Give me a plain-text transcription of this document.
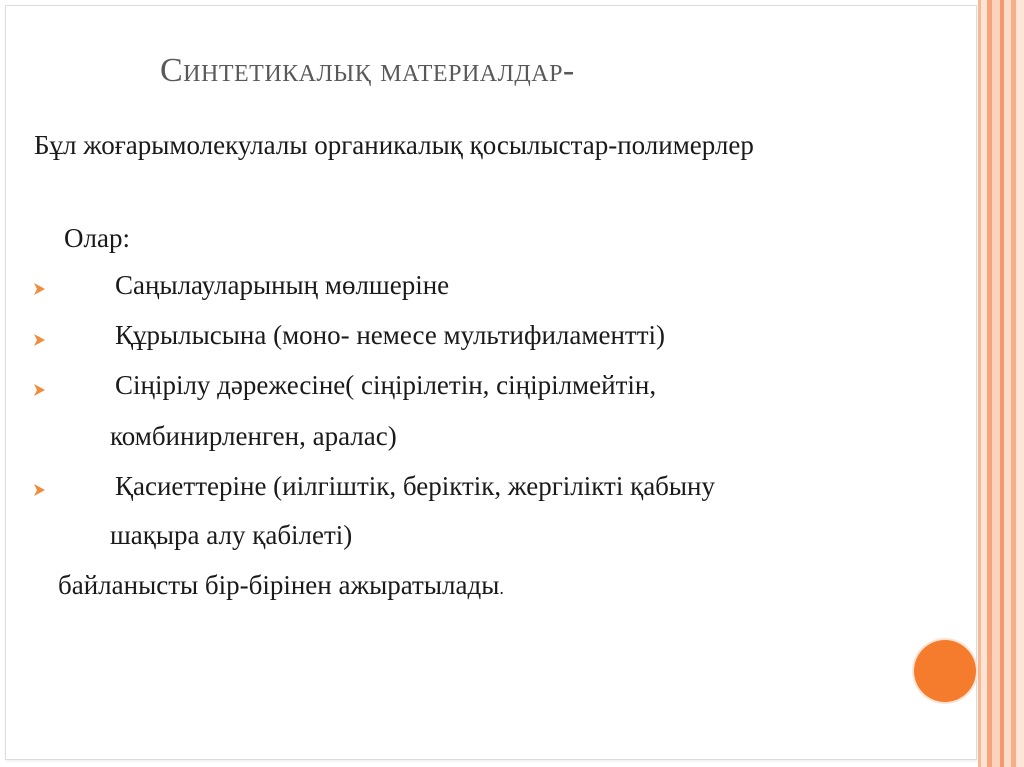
Синтетикалық материалдар-

Бұл жоғарымолекулалы органикалық қосылыстар-полимерлер

Олар:

Саңылауларының мөлшеріне

Құрылысына (моно- немесе мультифиламентті)

Сіңірілу дәрежесіне( сіңірілетін, сіңірілмейтін,

комбинирленген, аралас)

Қасиеттеріне (иілгіштік, беріктік, жергілікті қабыну

шақыра алу қабілеті)

байланысты бір-бірінен ажыратылады.
